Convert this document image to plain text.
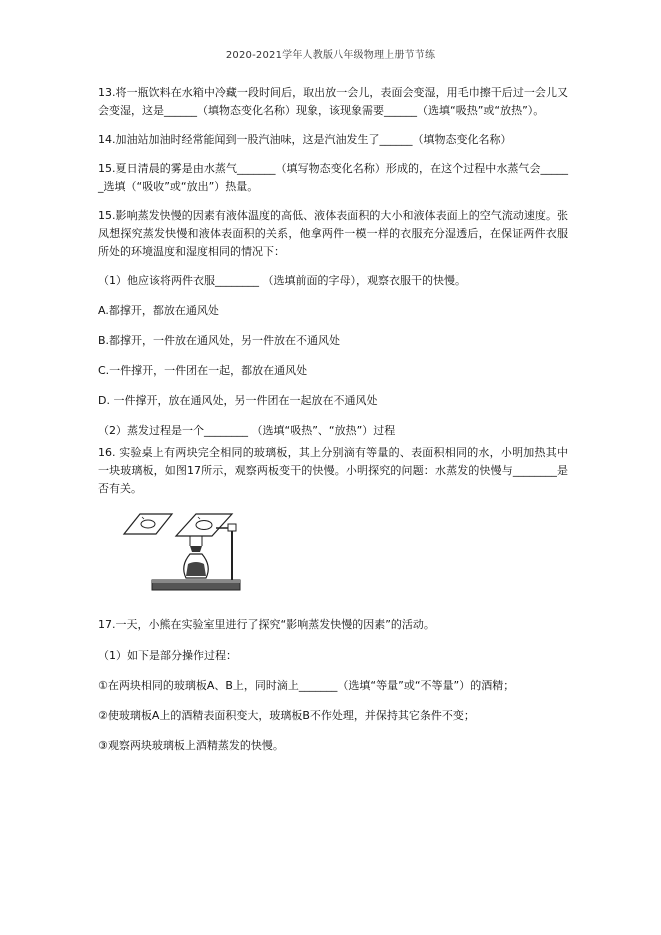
2020-2021学年人教版八年级物理上册节节练

13.将一瓶饮料在水箱中冷藏一段时间后，取出放一会儿，表面会变湿，用毛巾擦干后过一会儿又会变湿，这是______（填物态变化名称）现象，该现象需要______（选填“吸热”或“放热”）。

14.加油站加油时经常能闻到一股汽油味，这是汽油发生了______（填物态变化名称）

15.夏日清晨的雾是由水蒸气_______（填写物态变化名称）形成的，在这个过程中水蒸气会______选填（“吸收”或“放出”）热量。

15.影响蒸发快慢的因素有液体温度的高低、液体表面积的大小和液体表面上的空气流动速度。张凤想探究蒸发快慢和液体表面积的关系，他拿两件一模一样的衣服充分湿透后，在保证两件衣服所处的环境温度和湿度相同的情况下：

（1）他应该将两件衣服________ （选填前面的字母），观察衣服干的快慢。

A.都撑开，都放在通风处

B.都撑开，一件放在通风处，另一件放在不通风处

C.一件撑开，一件团在一起，都放在通风处

D. 一件撑开，放在通风处，另一件团在一起放在不通风处

（2）蒸发过程是一个________ （选填“吸热”、“放热”）过程

16. 实验桌上有两块完全相同的玻璃板，其上分别滴有等量的、表面积相同的水，小明加热其中一块玻璃板，如图17所示，观察两板变干的快慢。小明探究的问题：水蒸发的快慢与________是否有关。

17.一天，小熊在实验室里进行了探究“影响蒸发快慢的因素”的活动。

（1）如下是部分操作过程：

①在两块相同的玻璃板A、B上，同时滴上_______（选填“等量”或“不等量”）的酒精；

②使玻璃板A上的酒精表面积变大，玻璃板B不作处理，并保持其它条件不变；

③观察两块玻璃板上酒精蒸发的快慢。
